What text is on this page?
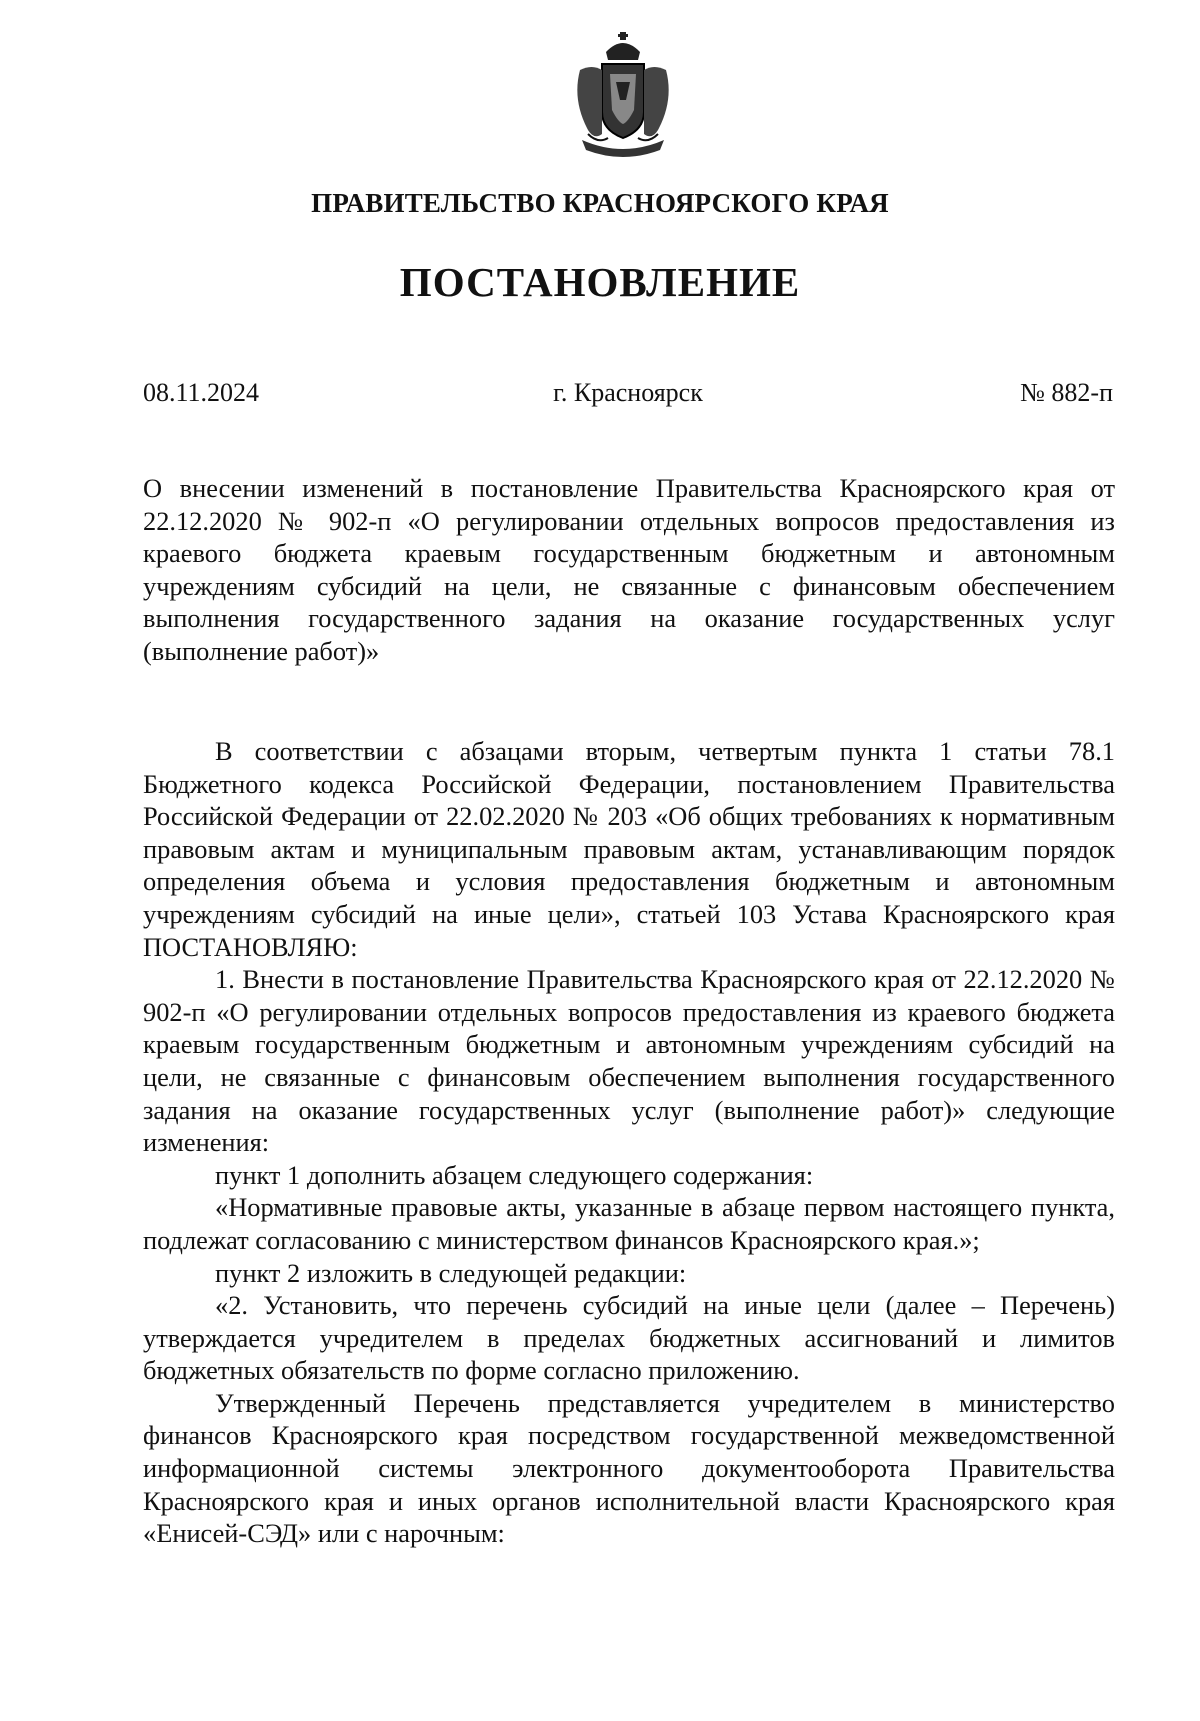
ПРАВИТЕЛЬСТВО КРАСНОЯРСКОГО КРАЯ
ПОСТАНОВЛЕНИЕ
08.11.2024	г. Красноярск	№ 882-п

О внесении изменений в постановление Правительства Красноярского края от 22.12.2020 № 902-п «О регулировании отдельных вопросов предоставления из краевого бюджета краевым государственным бюджетным и автономным учреждениям субсидий на цели, не связанные с финансовым обеспечением выполнения государственного задания на оказание государственных услуг (выполнение работ)»

В соответствии с абзацами вторым, четвертым пункта 1 статьи 78.1 Бюджетного кодекса Российской Федерации, постановлением Правительства Российской Федерации от 22.02.2020 № 203 «Об общих требованиях к нормативным правовым актам и муниципальным правовым актам, устанавливающим порядок определения объема и условия предоставления бюджетным и автономным учреждениям субсидий на иные цели», статьей 103 Устава Красноярского края ПОСТАНОВЛЯЮ:

1. Внести в постановление Правительства Красноярского края от 22.12.2020 № 902-п «О регулировании отдельных вопросов предоставления из краевого бюджета краевым государственным бюджетным и автономным учреждениям субсидий на цели, не связанные с финансовым обеспечением выполнения государственного задания на оказание государственных услуг (выполнение работ)» следующие изменения:

пункт 1 дополнить абзацем следующего содержания:

«Нормативные правовые акты, указанные в абзаце первом настоящего пункта, подлежат согласованию с министерством финансов Красноярского края.»;

пункт 2 изложить в следующей редакции:

«2. Установить, что перечень субсидий на иные цели (далее – Перечень) утверждается учредителем в пределах бюджетных ассигнований и лимитов бюджетных обязательств по форме согласно приложению.

Утвержденный Перечень представляется учредителем в министерство финансов Красноярского края посредством государственной межведомственной информационной системы электронного документооборота Правительства Красноярского края и иных органов исполнительной власти Красноярского края «Енисей-СЭД» или с нарочным:
